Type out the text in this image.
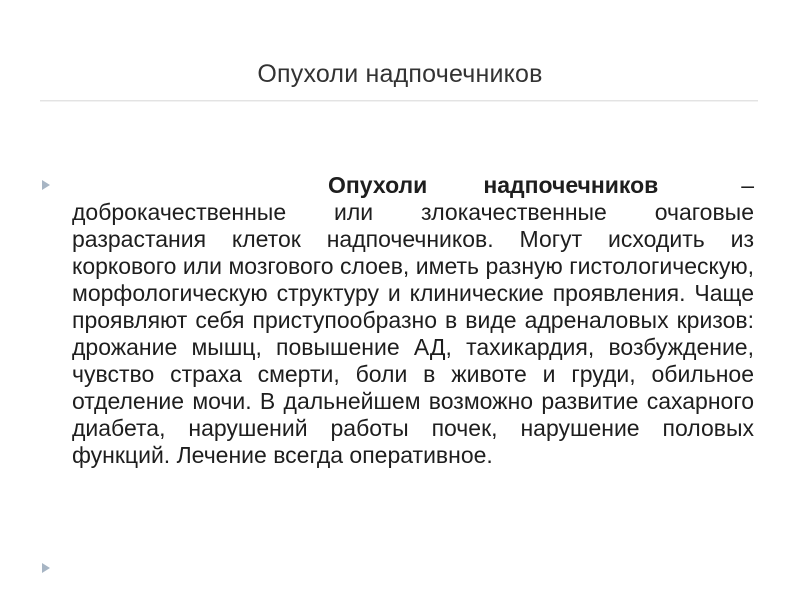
Опухоли надпочечников
Опухоли надпочечников	– доброкачественные или злокачественные очаговые разрастания клеток надпочечников. Могут исходить из коркового или мозгового слоев, иметь разную гистологическую, морфологическую структуру и клинические проявления. Чаще проявляют себя приступообразно в виде адреналовых кризов: дрожание мышц, повышение АД, тахикардия, возбуждение, чувство страха смерти, боли в животе и груди, обильное отделение мочи. В дальнейшем возможно развитие сахарного диабета, нарушений работы почек, нарушение половых функций. Лечение всегда оперативное.
